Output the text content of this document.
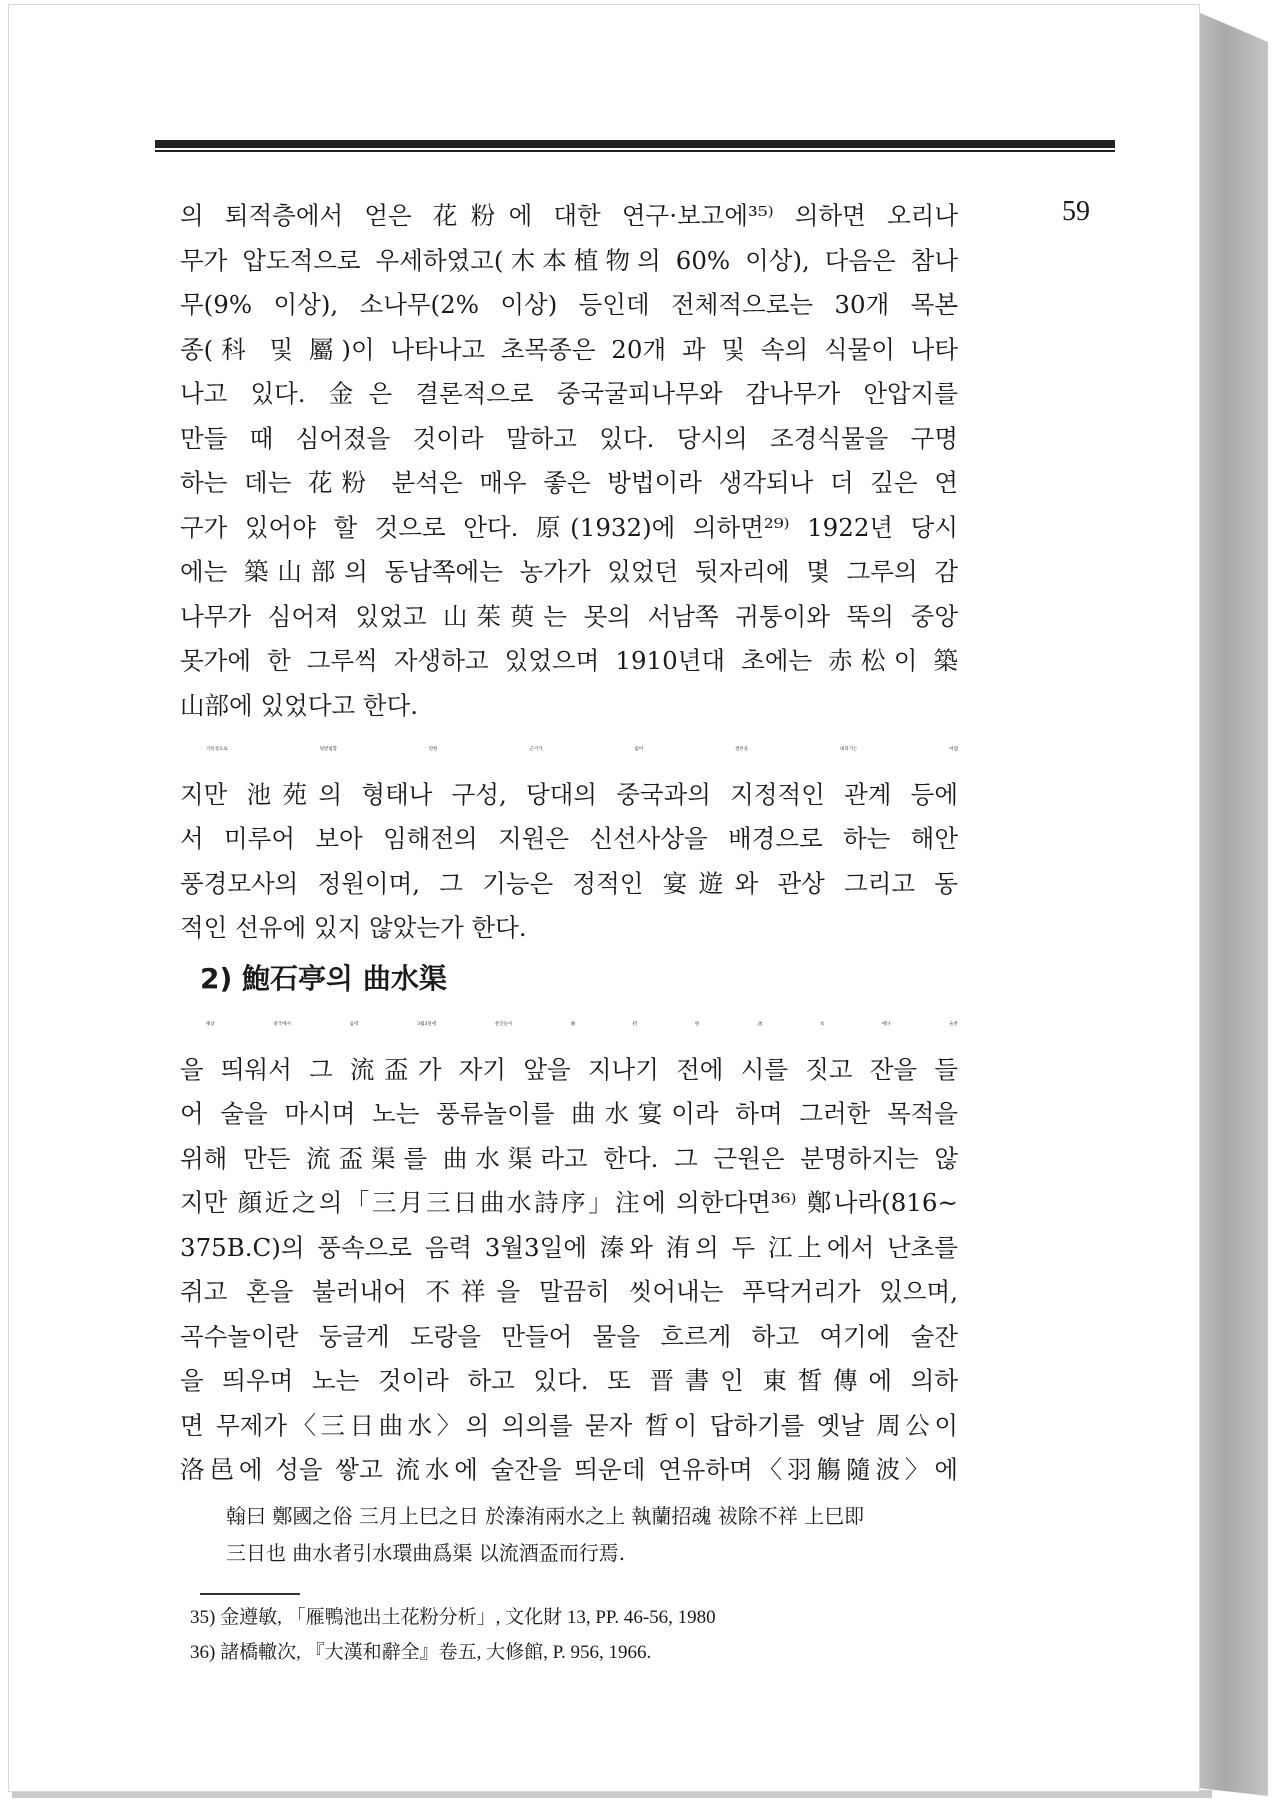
59

의 퇴적층에서 얻은 花粉에 대한 연구·보고에³⁵⁾ 의하면 오리나
무가 압도적으로 우세하였고(木本植物의 60% 이상), 다음은 참나
무(9% 이상), 소나무(2% 이상) 등인데 전체적으로는 30개 목본
종(科 및 屬)이 나타나고 초목종은 20개 과 및 속의 식물이 나타
나고 있다. 金은 결론적으로 중국굴피나무와 감나무가 안압지를
만들 때 심어졌을 것이라 말하고 있다. 당시의 조경식물을 구명
하는 데는 花粉 분석은 매우 좋은 방법이라 생각되나 더 깊은 연
구가 있어야 할 것으로 안다. 原(1932)에 의하면²⁹⁾ 1922년 당시
에는 築山部의 동남쪽에는 농가가 있었던 뒷자리에 몇 그루의 감
나무가 심어져 있었고 山茱萸는 못의 서남쪽 귀퉁이와 뚝의 중앙
못가에 한 그루씩 자생하고 있었으며 1910년대 초에는 赤松이 築
山部에 있었다고 한다.

기록상으로 뒷받침할 만한 근거가 없어 결론을 내리기는 어렵
지만 池苑의 형태나 구성, 당대의 중국과의 지정적인 관계 등에
서 미루어 보아 임해전의 지원은 신선사상을 배경으로 하는 해안
풍경모사의 정원이며, 그 기능은 정적인 宴遊와 관상 그리고 동
적인 선유에 있지 않았는가 한다.

2) 鮑石亭의 曲水渠

옛날 중국에서 음력 3월3일에 문인들이 曲折한 流水에다 술잔
을 띄워서 그 流盃가 자기 앞을 지나기 전에 시를 짓고 잔을 들
어 술을 마시며 노는 풍류놀이를 曲水宴이라 하며 그러한 목적을
위해 만든 流盃渠를 曲水渠라고 한다. 그 근원은 분명하지는 않
지만 顔近之의「三月三日曲水詩序」注에 의한다면³⁶⁾ 鄭나라(816~
375B.C)의 풍속으로 음력 3월3일에 溱와 洧의 두 江上에서 난초를
쥐고 혼을 불러내어 不祥을 말끔히 씻어내는 푸닥거리가 있으며,
곡수놀이란 둥글게 도랑을 만들어 물을 흐르게 하고 여기에 술잔
을 띄우며 노는 것이라 하고 있다. 또 晋書인 東皙傳에 의하
면 무제가〈三日曲水〉의 의의를 묻자 晳이 답하기를 옛날 周公이
洛邑에 성을 쌓고 流水에 술잔을 띄운데 연유하며〈羽觴隨波〉에

翰曰 鄭國之俗 三月上巳之日 於溱洧兩水之上 執蘭招魂 祓除不祥 上巳即
三日也 曲水者引水環曲爲渠 以流酒盃而行焉.
35) 金遵敏, 「雁鴨池出土花粉分析」, 文化財 13, PP. 46-56, 1980
36) 諸橋轍次, 『大漢和辭全』卷五, 大修館, P. 956, 1966.
